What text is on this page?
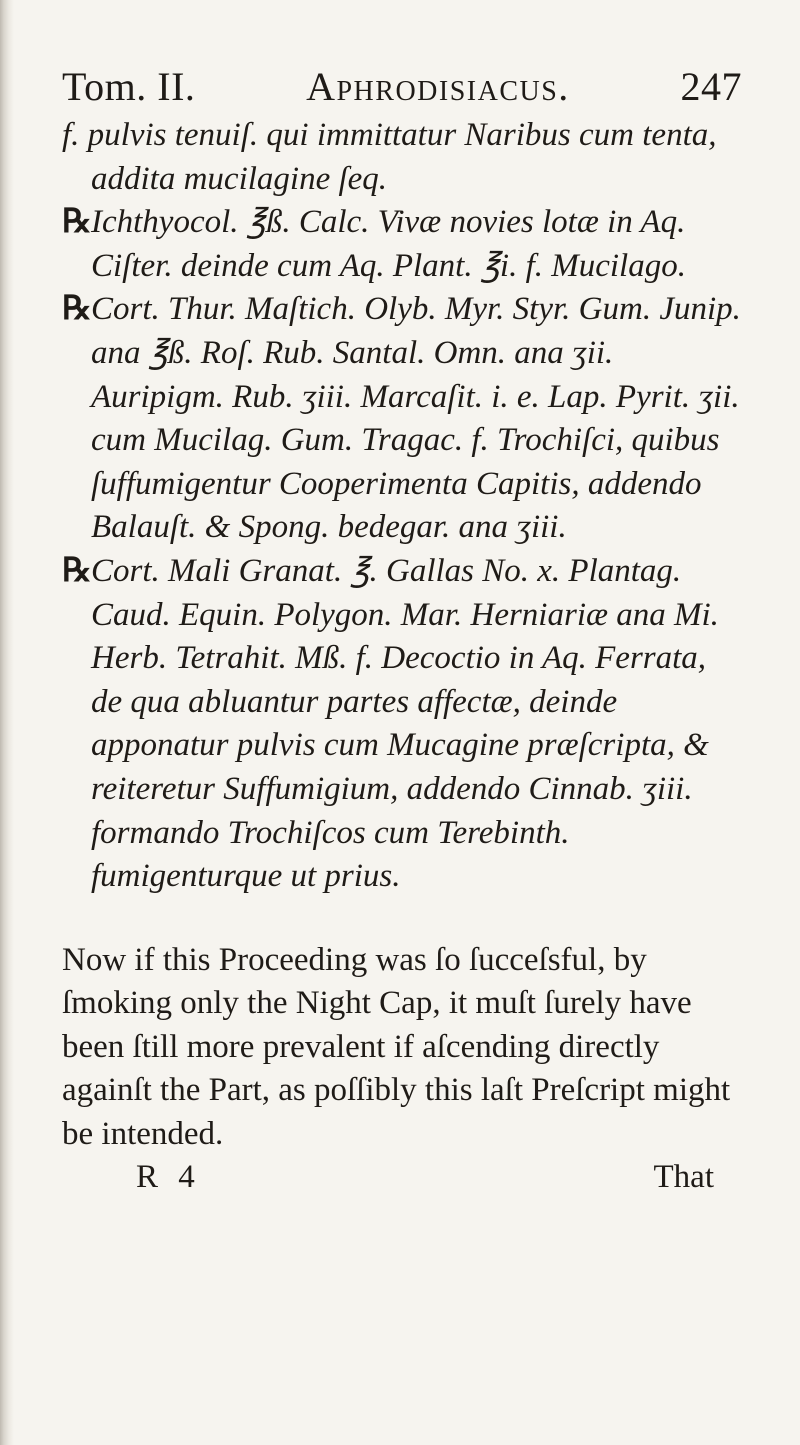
Tom. II.	Aphrodisiacus.	247

f. pulvis tenuiſ. qui immittatur Naribus cum tenta, addita mucilagine ſeq.

℞Ichthyocol. ℥ß. Calc. Vivæ novies lotæ in Aq. Ciſter. deinde cum Aq. Plant. ℥i. f. Mucilago.

℞Cort. Thur. Maſtich. Olyb. Myr. Styr. Gum. Junip. ana ℥ß. Roſ. Rub. Santal. Omn. ana ʒii. Auripigm. Rub. ʒiii. Marcaſit. i. e. Lap. Pyrit. ʒii. cum Mucilag. Gum. Tragac. f. Trochiſci, quibus ſuffumigentur Cooperimenta Capitis, addendo Balauſt. & Spong. bedegar. ana ʒiii.

℞Cort. Mali Granat. ℥. Gallas No. x. Plantag. Caud. Equin. Polygon. Mar. Herniariæ ana Mi. Herb. Tetrahit. Mß. f. Decoctio in Aq. Ferrata, de qua abluantur partes affectæ, deinde apponatur pulvis cum Mucagine præſcripta, & reiteretur Suffumigium, addendo Cinnab. ʒiii. formando Trochiſcos cum Terebinth. fumigenturque ut prius.

Now if this Proceeding was ſo ſucceſsful, by ſmoking only the Night Cap, it muſt ſurely have been ſtill more prevalent if aſcending directly againſt the Part, as poſſibly this laſt Preſcript might be intended.

R 4	That
